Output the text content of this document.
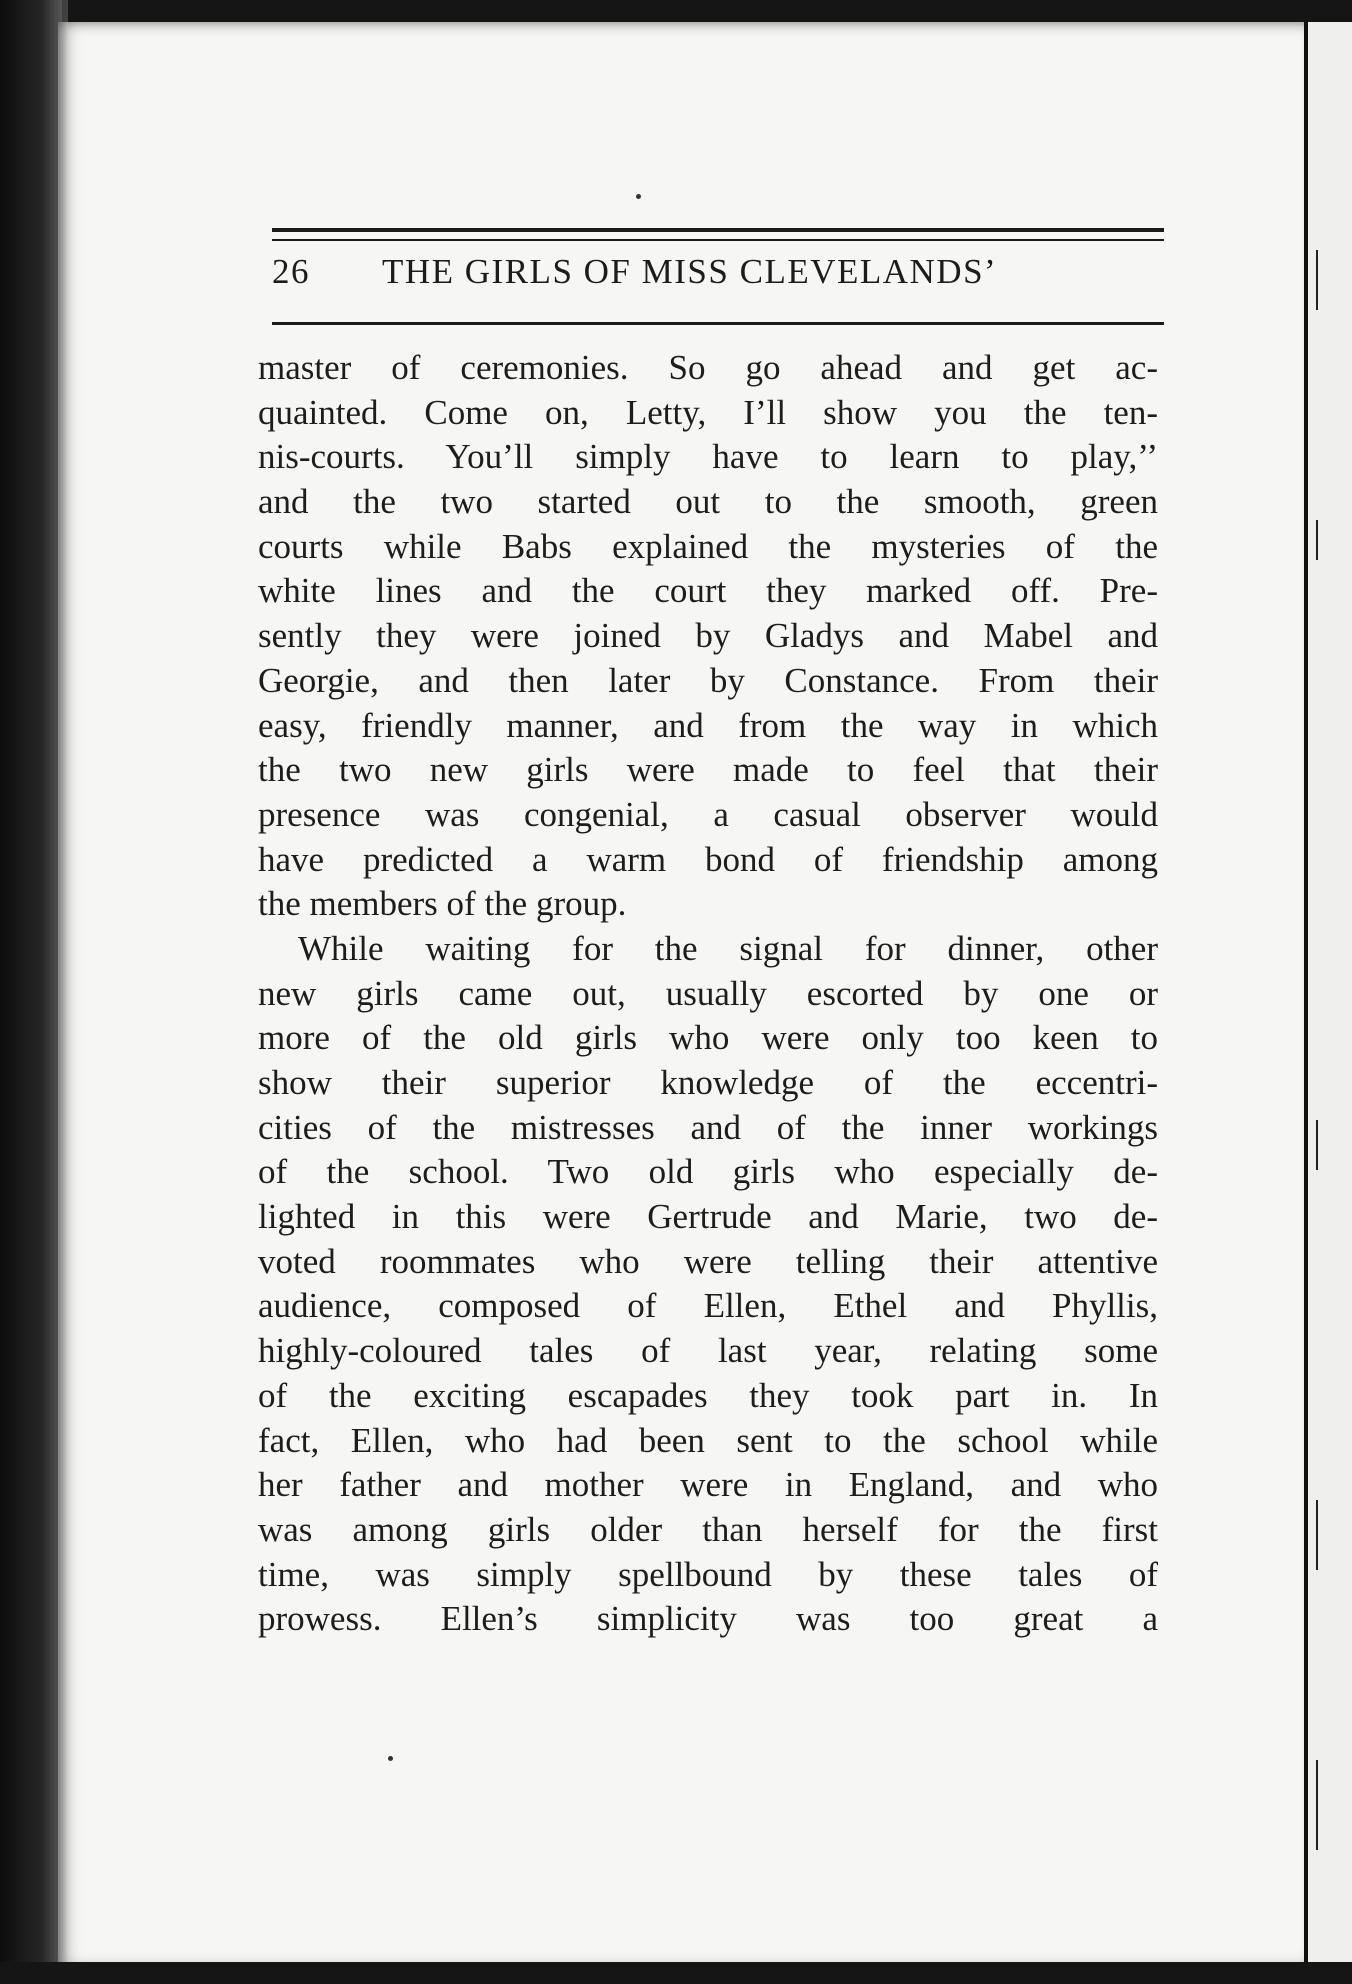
26 THE GIRLS OF MISS CLEVELANDS’
master of ceremonies. So go ahead and get ac-
quainted. Come on, Letty, I’ll show you the ten-
nis-courts. You’ll simply have to learn to play,’’
and the two started out to the smooth, green
courts while Babs explained the mysteries of the
white lines and the court they marked off. Pre-
sently they were joined by Gladys and Mabel and
Georgie, and then later by Constance. From their
easy, friendly manner, and from the way in which
the two new girls were made to feel that their
presence was congenial, a casual observer would
have predicted a warm bond of friendship among
the members of the group.
While waiting for the signal for dinner, other
new girls came out, usually escorted by one or
more of the old girls who were only too keen to
show their superior knowledge of the eccentri-
cities of the mistresses and of the inner workings
of the school. Two old girls who especially de-
lighted in this were Gertrude and Marie, two de-
voted roommates who were telling their attentive
audience, composed of Ellen, Ethel and Phyllis,
highly-coloured tales of last year, relating some
of the exciting escapades they took part in. In
fact, Ellen, who had been sent to the school while
her father and mother were in England, and who
was among girls older than herself for the first
time, was simply spellbound by these tales of
prowess. Ellen’s simplicity was too great a
